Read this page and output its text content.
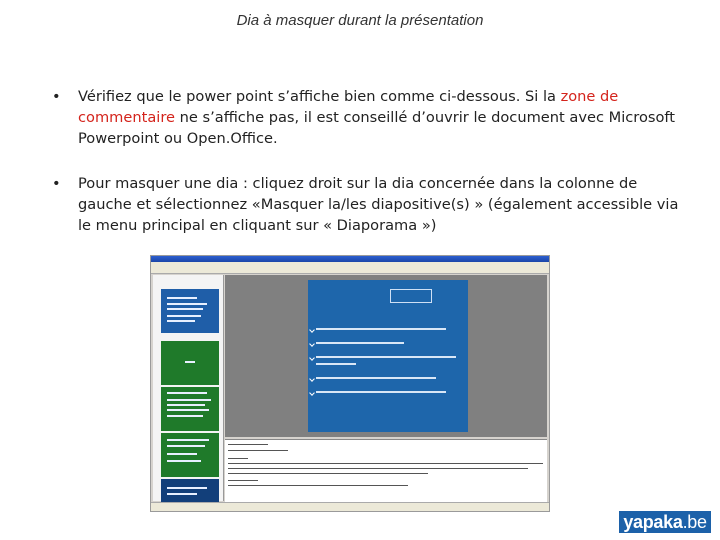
Dia à masquer durant la présentation
• Vérifiez que le power point s’affiche bien comme ci-dessous. Si la zone de commentaire ne s’affiche pas, il est conseillé d’ouvrir le document avec Microsoft Powerpoint ou Open.Office.
• Pour masquer une dia : cliquez droit sur la dia concernée dans la colonne de gauche et sélectionnez «Masquer la/les diapositive(s) » (également accessible via le menu principal en cliquant sur « Diaporama »)
yapaka.be
